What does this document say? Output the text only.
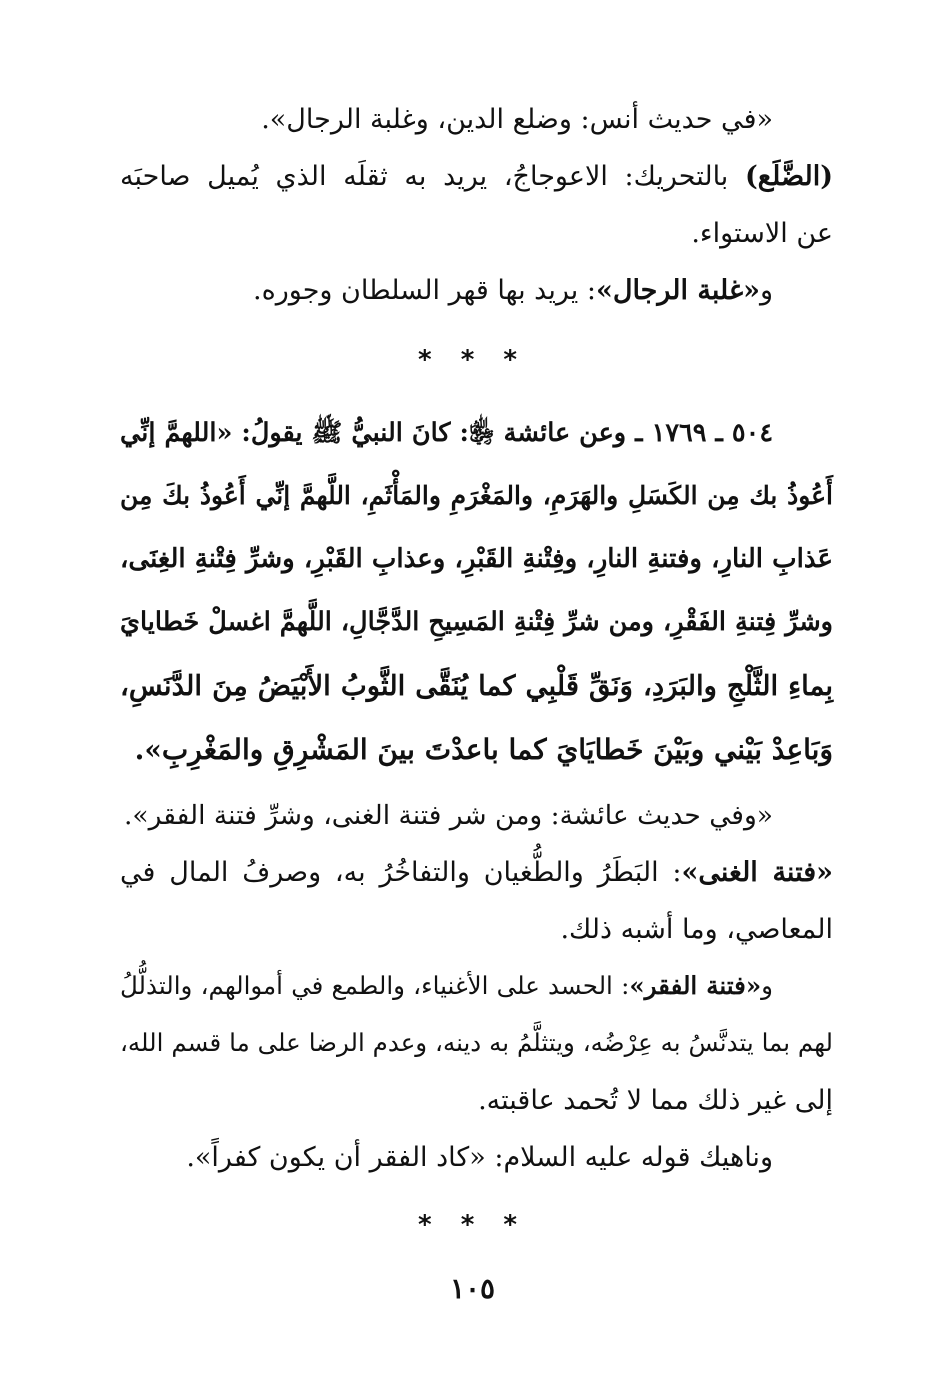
«في حديث أنس: وضلع الدين، وغلبة الرجال».
(الضَّلَع) بالتحريك: الاعوجاجُ، يريد به ثقلَه الذي يُميل صاحبَه
عن الاستواء.
و«غلبة الرجال»: يريد بها قهر السلطان وجوره.
* * *
٥٠٤ ـ ١٧٦٩ ـ وعن عائشة ﵂: كانَ النبيُّ ﷺ يقولُ: «اللهمَّ إنِّي
أَعُوذُ بك مِن الكَسَلِ والهَرَمِ، والمَغْرَمِ والمَأْثَمِ، اللَّهمَّ إنِّي أَعُوذُ بكَ مِن
عَذابِ النارِ، وفتنةِ النارِ، وفِتْنةِ القَبْرِ، وعذابِ القَبْرِ، وشرِّ فِتْنةِ الغِنَى،
وشرِّ فِتنةِ الفَقْرِ، ومن شرِّ فِتْنةِ المَسِيحِ الدَّجَّالِ، اللَّهمَّ اغسلْ خَطايايَ
بِماءِ الثَّلْجِ والبَرَدِ، وَنَقِّ قَلْبِي كما يُنَقَّى الثَّوبُ الأَبْيَضُ مِنَ الدَّنَسِ،
وَبَاعِدْ بَيْني وبَيْنَ خَطايَايَ كما باعدْتَ بينَ المَشْرِقِ والمَغْرِبِ».
«وفي حديث عائشة: ومن شر فتنة الغنى، وشرِّ فتنة الفقر».
«فتنة الغنى»: البَطَرُ والطُّغيان والتفاخُرُ به، وصرفُ المال في
المعاصي، وما أشبه ذلك.
و«فتنة الفقر»: الحسد على الأغنياء، والطمع في أموالهم، والتذلُّلُ
لهم بما يتدنَّسُ به عِرْضُه، ويتثلَّمُ به دينه، وعدم الرضا على ما قسم الله،
إلى غير ذلك مما لا تُحمد عاقبته.
وناهيك قوله عليه السلام: «كاد الفقر أن يكون كفراً».
* * *
١٠٥
